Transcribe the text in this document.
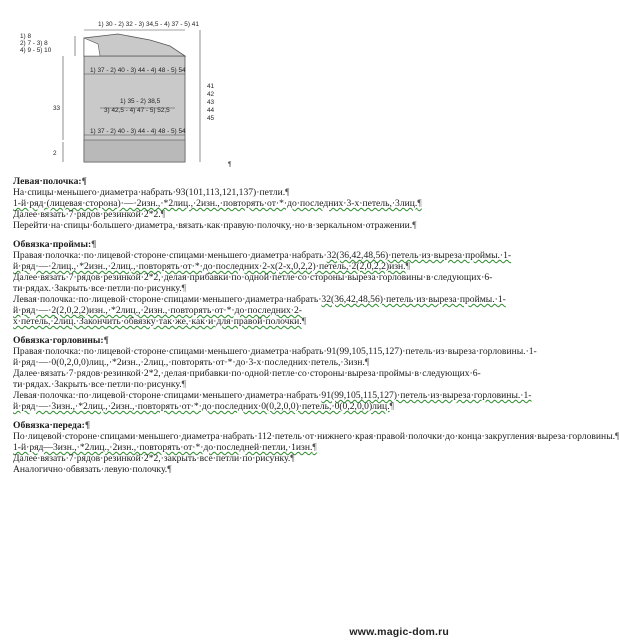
1) 30 - 2) 32 - 3) 34,5 - 4) 37 - 5) 41
1) 8
2) 7 - 3) 8
4) 9 - 5) 10
1) 37 - 2) 40 - 3) 44 - 4) 48 - 5) 54
1) 35 - 2) 38,5
3) 42,5 - 4) 47 - 5) 52,5
1) 37 - 2) 40 - 3) 44 - 4) 48 - 5) 54
33
2
41
42
43
44
45
¶

Левая·полочка: ¶

На·спицы·меньшего·диаметра·набрать·93(101,113,121,137)·петли. ¶

1-й·ряд·(лицевая·сторона)·—·2изн.,·*2лиц.,·2изн.,·повторять·от·*·до·последних·3-х·петель,·3лиц. ¶

Далее·вязать·7·рядов·резинкой·2*2. ¶

Перейти·на·спицы·большего·диаметра,·вязать·как·правую·полочку,·но·в·зеркальном·отражении. ¶

Обвязка·проймы: ¶

Правая·полочка:·по·лицевой·стороне·спицами·меньшего·диаметра·набрать·32(36,42,48,56)·петель·из·выреза·проймы.·1-й·ряд·—·2лиц.,·*2изн.,·2лиц.,·повторять·от·*·до·последних·2-х(2-х,0,2,2)·петель,·2(2,0,2,2)изн. ¶

Далее·вязать·7·рядов·резинкой·2*2,·делая·прибавки·по·одной·петле·со·стороны·выреза·горловины·в·следующих·6-ти·рядах.·Закрыть·все·петли·по·рисунку. ¶

Левая·полочка:·по·лицевой·стороне·спицами·меньшего·диаметра·набрать·32(36,42,48,56)·петель·из·выреза·проймы.·1-й·ряд·—·2(2,0,2,2)изн.,·*2лиц.,·2изн.,·повторять·от·*·до·последних·2-х·петель,·2лиц.·Закончить·обвязку·так·же,·как·и·для·правой·полочки. ¶

Обвязка·горловины: ¶

Правая·полочка:·по·лицевой·стороне·спицами·меньшего·диаметра·набрать·91(99,105,115,127)·петель·из·выреза·горловины.·1-й·ряд·—·0(0,2,0,0)лиц.,·*2изн.,·2лиц.,·повторять·от·*·до·3-х·последних·петель,·3изн. ¶

Далее·вязать·7·рядов·резинкой·2*2,·делая·прибавки·по·одной·петле·со·стороны·выреза·проймы·в·следующих·6-ти·рядах.·Закрыть·все·петли·по·рисунку. ¶

Левая·полочка:·по·лицевой·стороне·спицами·меньшего·диаметра·набрать·91(99,105,115,127)·петель·из·выреза·горловины.·1-й·ряд·—·3изн.,·*2лиц.,·2изн.,·повторять·от·*·до·последних·0(0,2,0,0)·петель,·0(0,2,0,0)лиц. ¶

Обвязка·переда: ¶

По·лицевой·стороне·спицами·меньшего·диаметра·набрать·112·петель·от·нижнего·края·правой·полочки·до·конца·закругления·выреза·горловины. ¶

1-й·ряд—3изн.,·*2лиц.,·2изн.,·повторять·от·*·до·последней·петли,·1изн. ¶

Далее·вязать·7·рядов·резинкой·2*2,·закрыть·все·петли·по·рисунку. ¶

Аналогично·обвязать·левую·полочку. ¶

www.magic-dom.ru
